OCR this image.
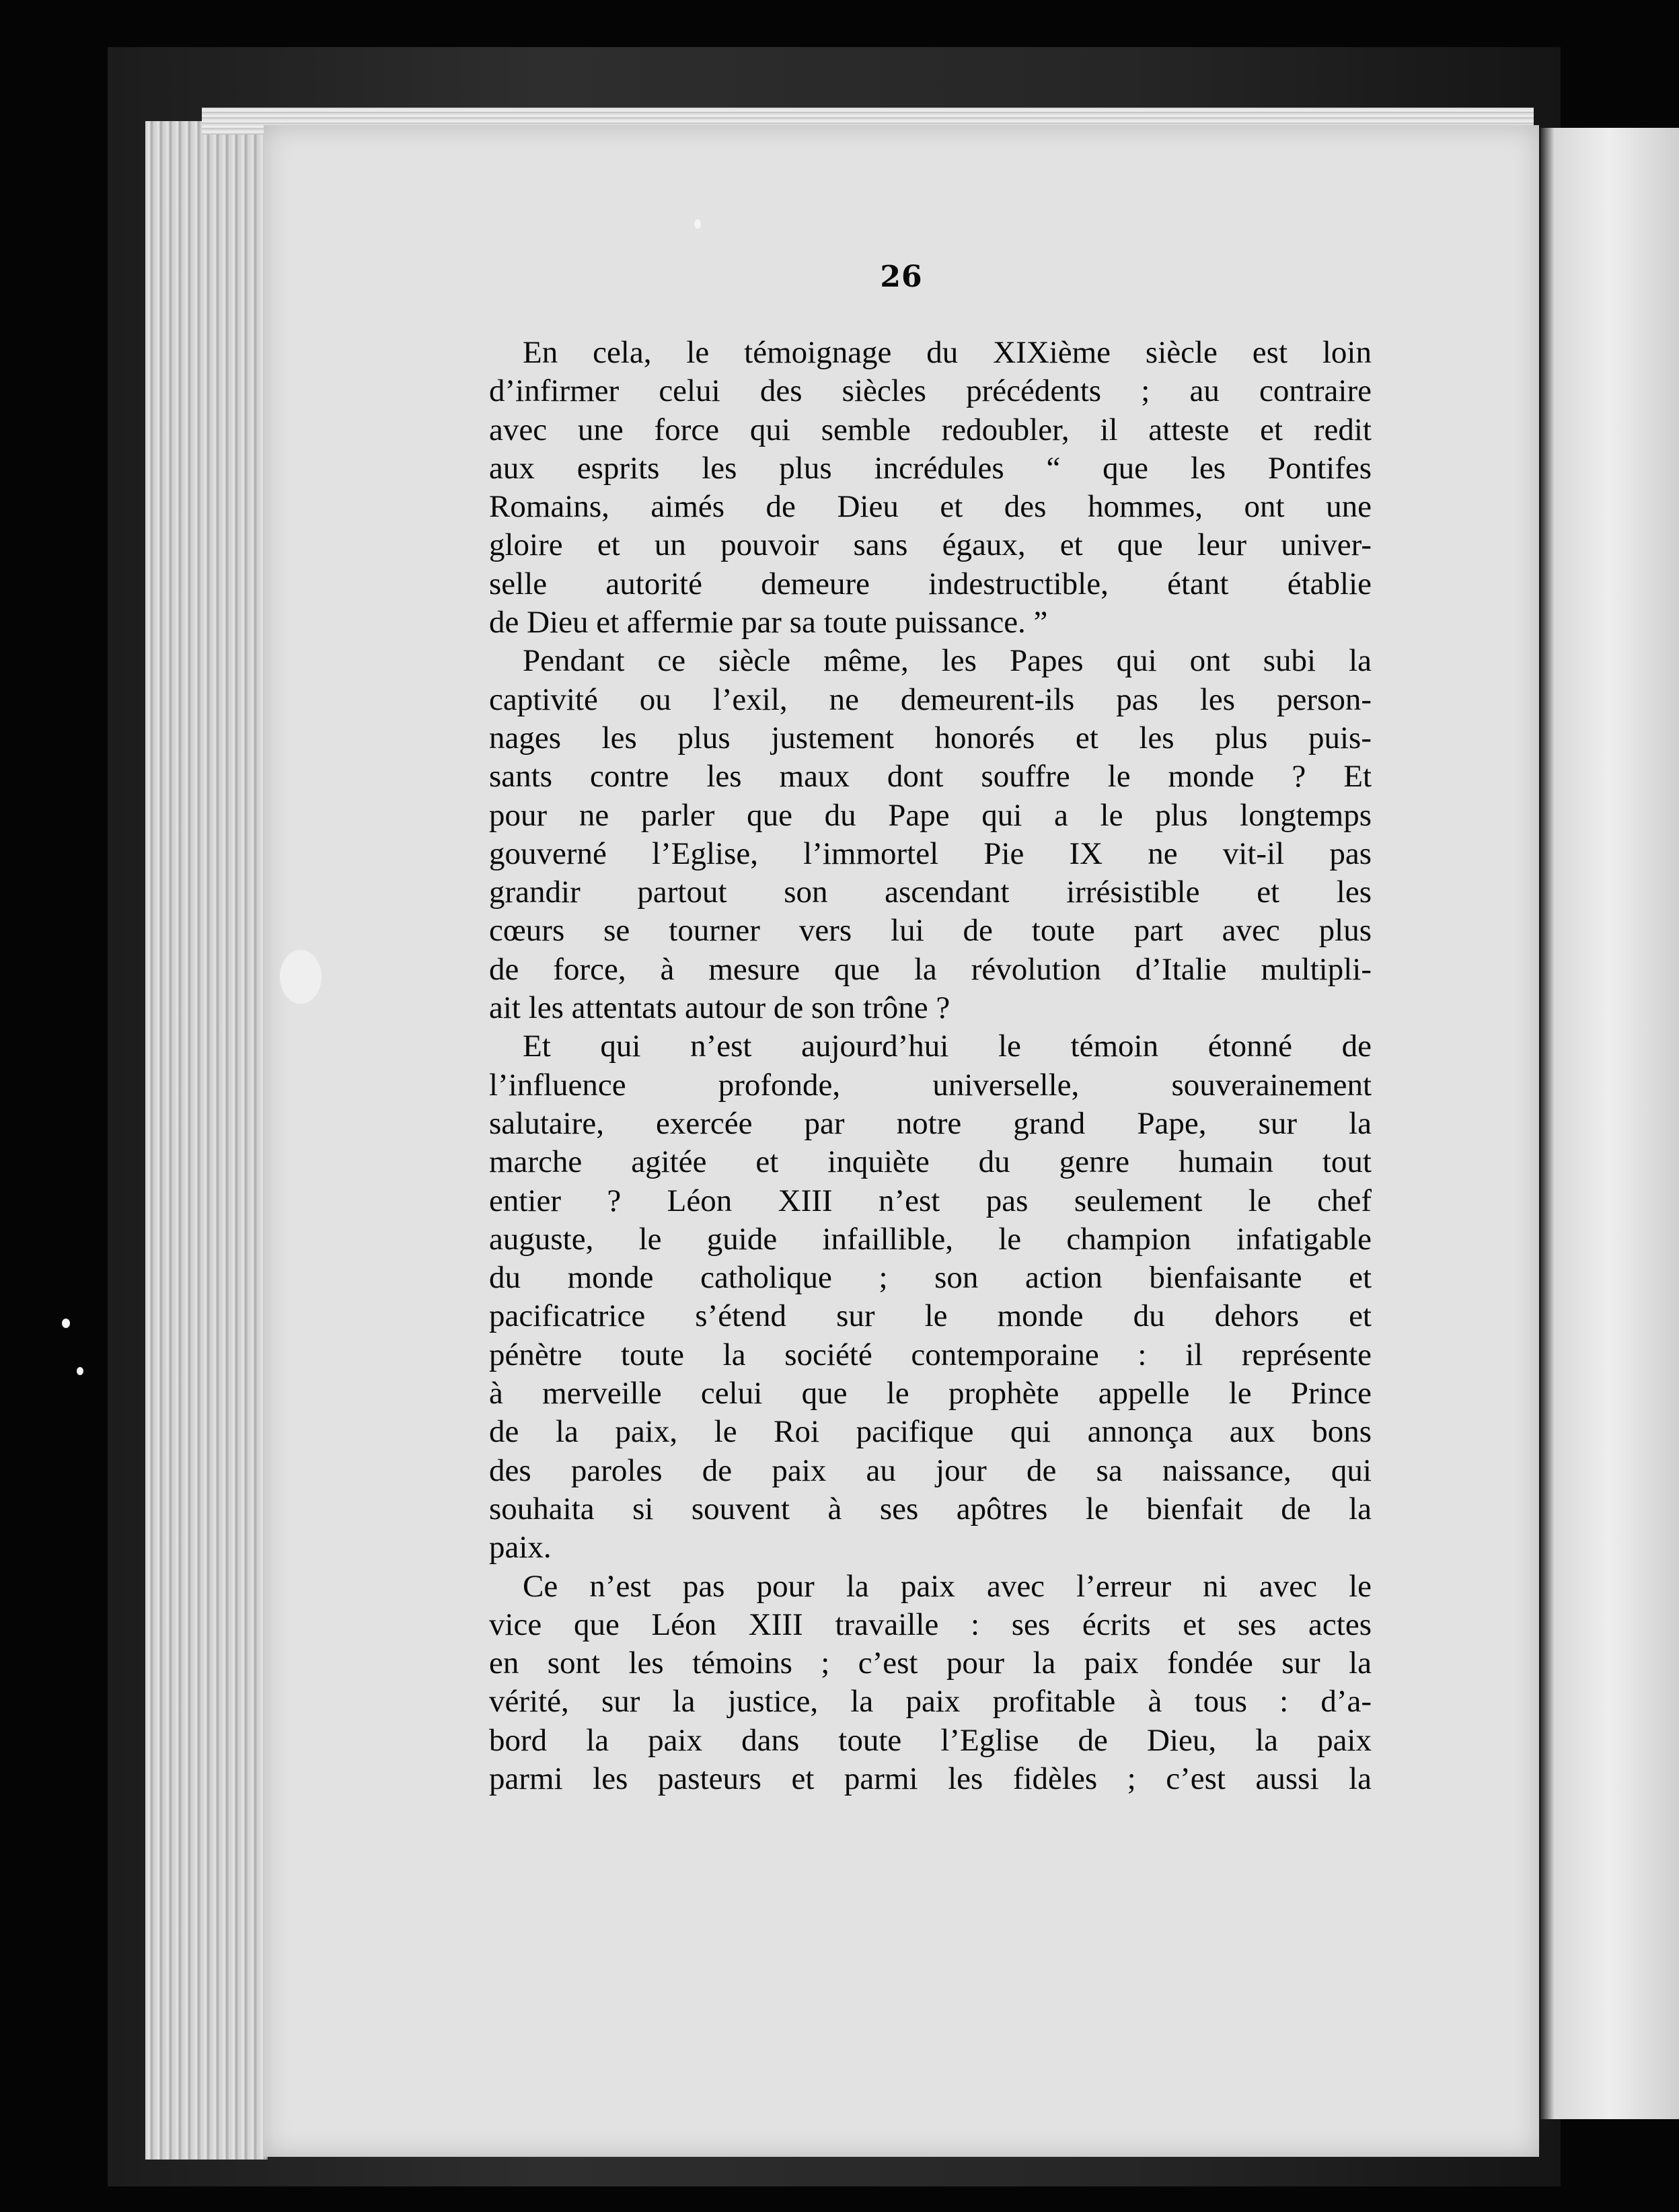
26
En cela, le témoignage du XIXième siècle est loin
d’infirmer celui des siècles précédents ; au contraire
avec une force qui semble redoubler, il atteste et redit
aux esprits les plus incrédules “ que les Pontifes
Romains, aimés de Dieu et des hommes, ont une
gloire et un pouvoir sans égaux, et que leur univer-
selle autorité demeure indestructible, étant établie
de Dieu et affermie par sa toute puissance. ”
Pendant ce siècle même, les Papes qui ont subi la
captivité ou l’exil, ne demeurent-ils pas les person-
nages les plus justement honorés et les plus puis-
sants contre les maux dont souffre le monde ? Et
pour ne parler que du Pape qui a le plus longtemps
gouverné l’Eglise, l’immortel Pie IX ne vit-il pas
grandir partout son ascendant irrésistible et les
cœurs se tourner vers lui de toute part avec plus
de force, à mesure que la révolution d’Italie multipli-
ait les attentats autour de son trône ?
Et qui n’est aujourd’hui le témoin étonné de
l’influence profonde, universelle, souverainement
salutaire, exercée par notre grand Pape, sur la
marche agitée et inquiète du genre humain tout
entier ? Léon XIII n’est pas seulement le chef
auguste, le guide infaillible, le champion infatigable
du monde catholique ; son action bienfaisante et
pacificatrice s’étend sur le monde du dehors et
pénètre toute la société contemporaine : il représente
à merveille celui que le prophète appelle le Prince
de la paix, le Roi pacifique qui annonça aux bons
des paroles de paix au jour de sa naissance, qui
souhaita si souvent à ses apôtres le bienfait de la
paix.
Ce n’est pas pour la paix avec l’erreur ni avec le
vice que Léon XIII travaille : ses écrits et ses actes
en sont les témoins ; c’est pour la paix fondée sur la
vérité, sur la justice, la paix profitable à tous : d’a-
bord la paix dans toute l’Eglise de Dieu, la paix
parmi les pasteurs et parmi les fidèles ; c’est aussi la
